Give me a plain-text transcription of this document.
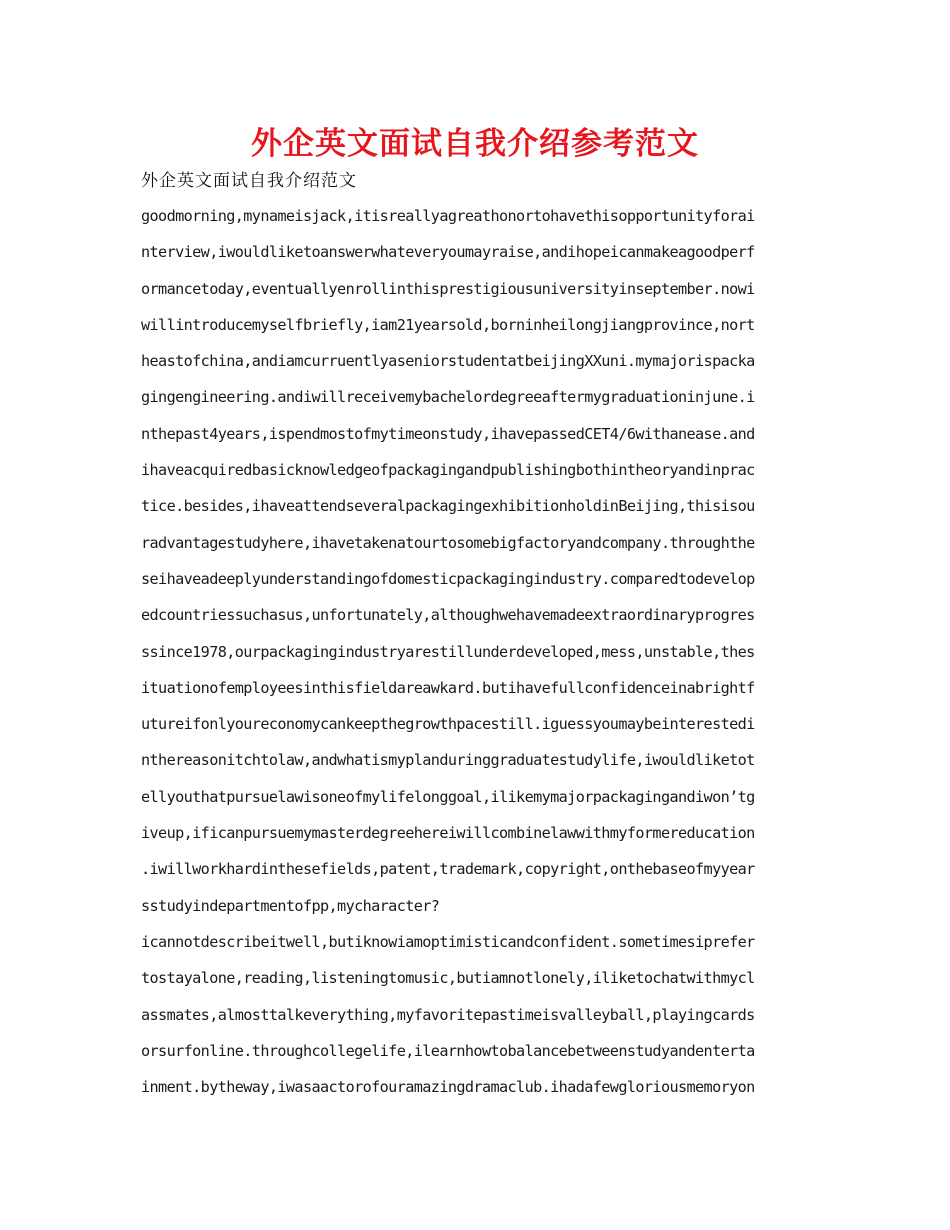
外企英文面试自我介绍参考范文
外企英文面试自我介绍范文
goodmorning,mynameisjack,itisreallyagreathonortohavethisopportunityforai
nterview,iwouldliketoanswerwhateveryoumayraise,andihopeicanmakeagoodperf
ormancetoday,eventuallyenrollinthisprestigiousuniversityinseptember.nowi
willintroducemyselfbriefly,iam21yearsold,borninheilongjiangprovince,nort
heastofchina,andiamcurruentlyaseniorstudentatbeijingXXuni.mymajorispacka
gingengineering.andiwillreceivemybachelordegreeaftermygraduationinjune.i
nthepast4years,ispendmostofmytimeonstudy,ihavepassedCET4/6withanease.and
ihaveacquiredbasicknowledgeofpackagingandpublishingbothintheoryandinprac
tice.besides,ihaveattendseveralpackagingexhibitionholdinBeijing,thisisou
radvantagestudyhere,ihavetakenatourtosomebigfactoryandcompany.throughthe
seihaveadeeplyunderstandingofdomesticpackagingindustry.comparedtodevelop
edcountriessuchasus,unfortunately,althoughwehavemadeextraordinaryprogres
ssince1978,ourpackagingindustryarestillunderdeveloped,mess,unstable,thes
ituationofemployeesinthisfieldareawkard.butihavefullconfidenceinabrightf
utureifonlyoureconomycankeepthegrowthpacestill.iguessyoumaybeinterestedi
nthereasonitchtolaw,andwhatismyplanduringgraduatestudylife,iwouldliketot
ellyouthatpursuelawisoneofmylifelonggoal,ilikemymajorpackagingandiwon’tg
iveup,ificanpursuemymasterdegreehereiwillcombinelawwithmyformereducation
.iwillworkhardinthesefields,patent,trademark,copyright,onthebaseofmyyear
sstudyindepartmentofpp,mycharacter?
icannotdescribeitwell,butiknowiamoptimisticandconfident.sometimesiprefer
tostayalone,reading,listeningtomusic,butiamnotlonely,iliketochatwithmycl
assmates,almosttalkeverything,myfavoritepastimeisvalleyball,playingcards
orsurfonline.throughcollegelife,ilearnhowtobalancebetweenstudyandenterta
inment.bytheway,iwasaactorofouramazingdramaclub.ihadafewgloriousmemoryon
